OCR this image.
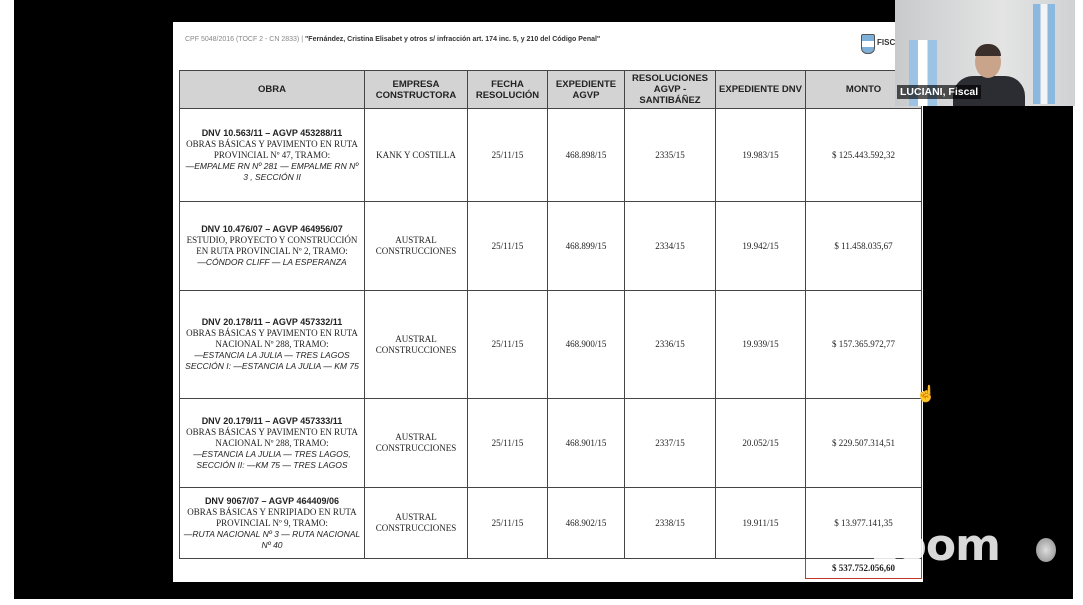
CPF 5048/2016 (TOCF 2 - CN 2833) | "Fernández, Cristina Elisabet y otros s/ infracción art. 174 inc. 5, y 210 del Código Penal"	FISC
OBRA	EMPRESA CONSTRUCTORA	FECHA RESOLUCIÓN	EXPEDIENTE AGVP	RESOLUCIONES AGVP - SANTIBÁÑEZ	EXPEDIENTE DNV	MONTO

DNV 10.563/11 – AGVP 453288/11
OBRAS BÁSICAS Y PAVIMENTO EN RUTA PROVINCIAL Nº 47, TRAMO:
—EMPALME RN Nº 281 — EMPALME RN Nº 3 , SECCIÓN II	KANK Y COSTILLA	25/11/15	468.898/15	2335/15	19.983/15	$ 125.443.592,32

DNV 10.476/07 – AGVP 464956/07
ESTUDIO, PROYECTO Y CONSTRUCCIÓN EN RUTA PROVINCIAL Nº 2, TRAMO:
—CÓNDOR CLIFF — LA ESPERANZA	AUSTRAL CONSTRUCCIONES	25/11/15	468.899/15	2334/15	19.942/15	$ 11.458.035,67

DNV 20.178/11 – AGVP 457332/11
OBRAS BÁSICAS Y PAVIMENTO EN RUTA NACIONAL Nº 288, TRAMO:
—ESTANCIA LA JULIA — TRES LAGOS SECCIÓN I: —ESTANCIA LA JULIA — KM 75	AUSTRAL CONSTRUCCIONES	25/11/15	468.900/15	2336/15	19.939/15	$ 157.365.972,77

DNV 20.179/11 – AGVP 457333/11
OBRAS BÁSICAS Y PAVIMENTO EN RUTA NACIONAL Nº 288, TRAMO:
—ESTANCIA LA JULIA — TRES LAGOS, SECCIÓN II: —KM 75 — TRES LAGOS	AUSTRAL CONSTRUCCIONES	25/11/15	468.901/15	2337/15	20.052/15	$ 229.507.314,51

DNV 9067/07 – AGVP 464409/06
OBRAS BÁSICAS Y ENRIPIADO EN RUTA PROVINCIAL Nº 9, TRAMO:
—RUTA NACIONAL Nº 3 — RUTA NACIONAL Nº 40	AUSTRAL CONSTRUCCIONES	25/11/15	468.902/15	2338/15	19.911/15	$ 13.977.141,35
						$ 537.752.056,60
LUCIANI, Fiscal
zoom
☝
